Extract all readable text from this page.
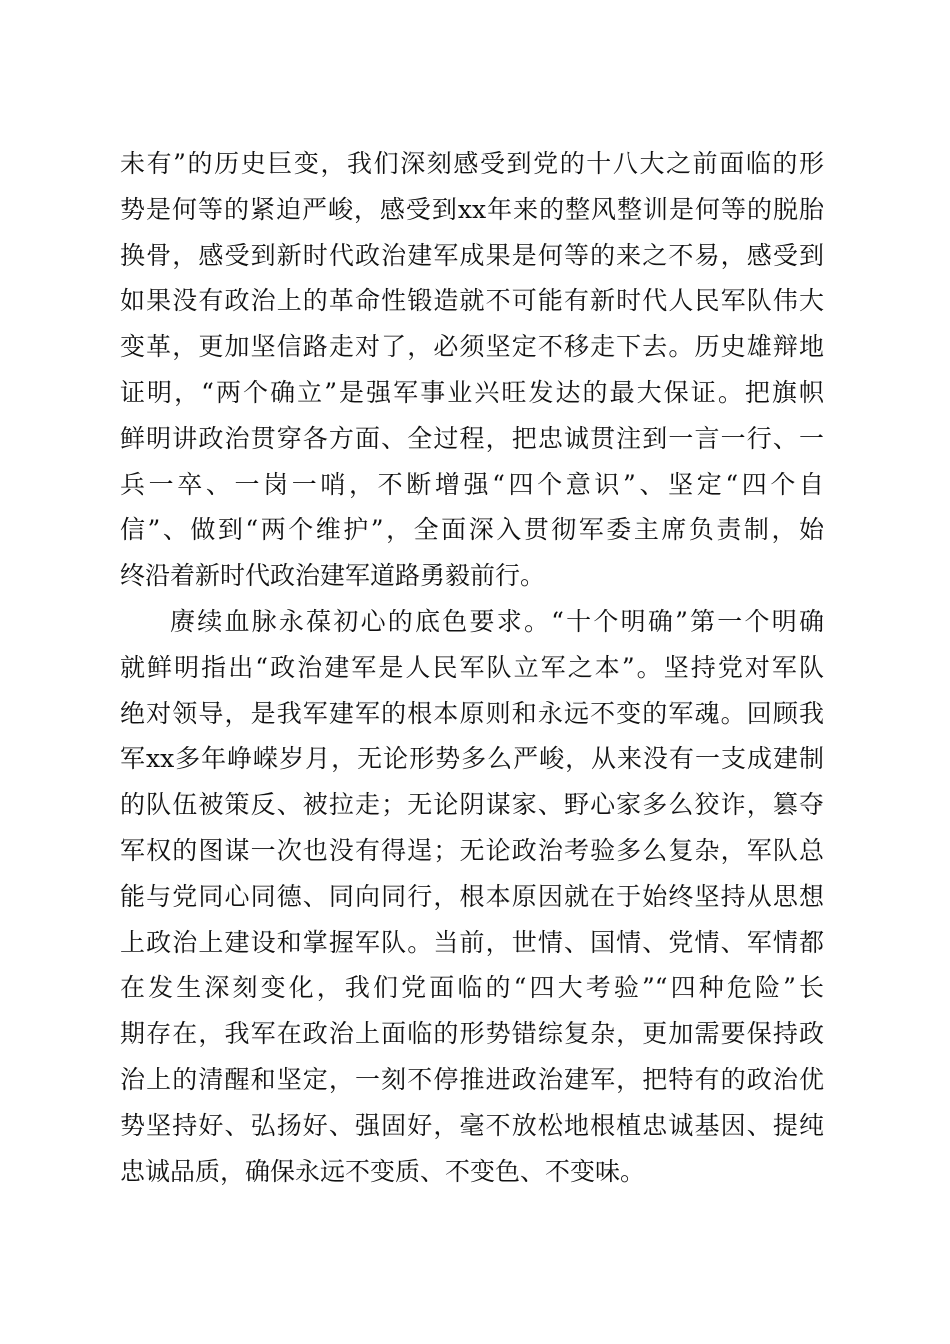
未有”的历史巨变，我们深刻感受到党的十八大之前面临的形
势是何等的紧迫严峻，感受到xx年来的整风整训是何等的脱胎
换骨，感受到新时代政治建军成果是何等的来之不易，感受到
如果没有政治上的革命性锻造就不可能有新时代人民军队伟大
变革，更加坚信路走对了，必须坚定不移走下去。历史雄辩地
证明，“两个确立”是强军事业兴旺发达的最大保证。把旗帜
鲜明讲政治贯穿各方面、全过程，把忠诚贯注到一言一行、一
兵一卒、一岗一哨，不断增强“四个意识”、坚定“四个自
信”、做到“两个维护”，全面深入贯彻军委主席负责制，始
终沿着新时代政治建军道路勇毅前行。
赓续血脉永葆初心的底色要求。“十个明确”第一个明确
就鲜明指出“政治建军是人民军队立军之本”。坚持党对军队
绝对领导，是我军建军的根本原则和永远不变的军魂。回顾我
军xx多年峥嵘岁月，无论形势多么严峻，从来没有一支成建制
的队伍被策反、被拉走；无论阴谋家、野心家多么狡诈，篡夺
军权的图谋一次也没有得逞；无论政治考验多么复杂，军队总
能与党同心同德、同向同行，根本原因就在于始终坚持从思想
上政治上建设和掌握军队。当前，世情、国情、党情、军情都
在发生深刻变化，我们党面临的“四大考验”“四种危险”长
期存在，我军在政治上面临的形势错综复杂，更加需要保持政
治上的清醒和坚定，一刻不停推进政治建军，把特有的政治优
势坚持好、弘扬好、强固好，毫不放松地根植忠诚基因、提纯
忠诚品质，确保永远不变质、不变色、不变味。
